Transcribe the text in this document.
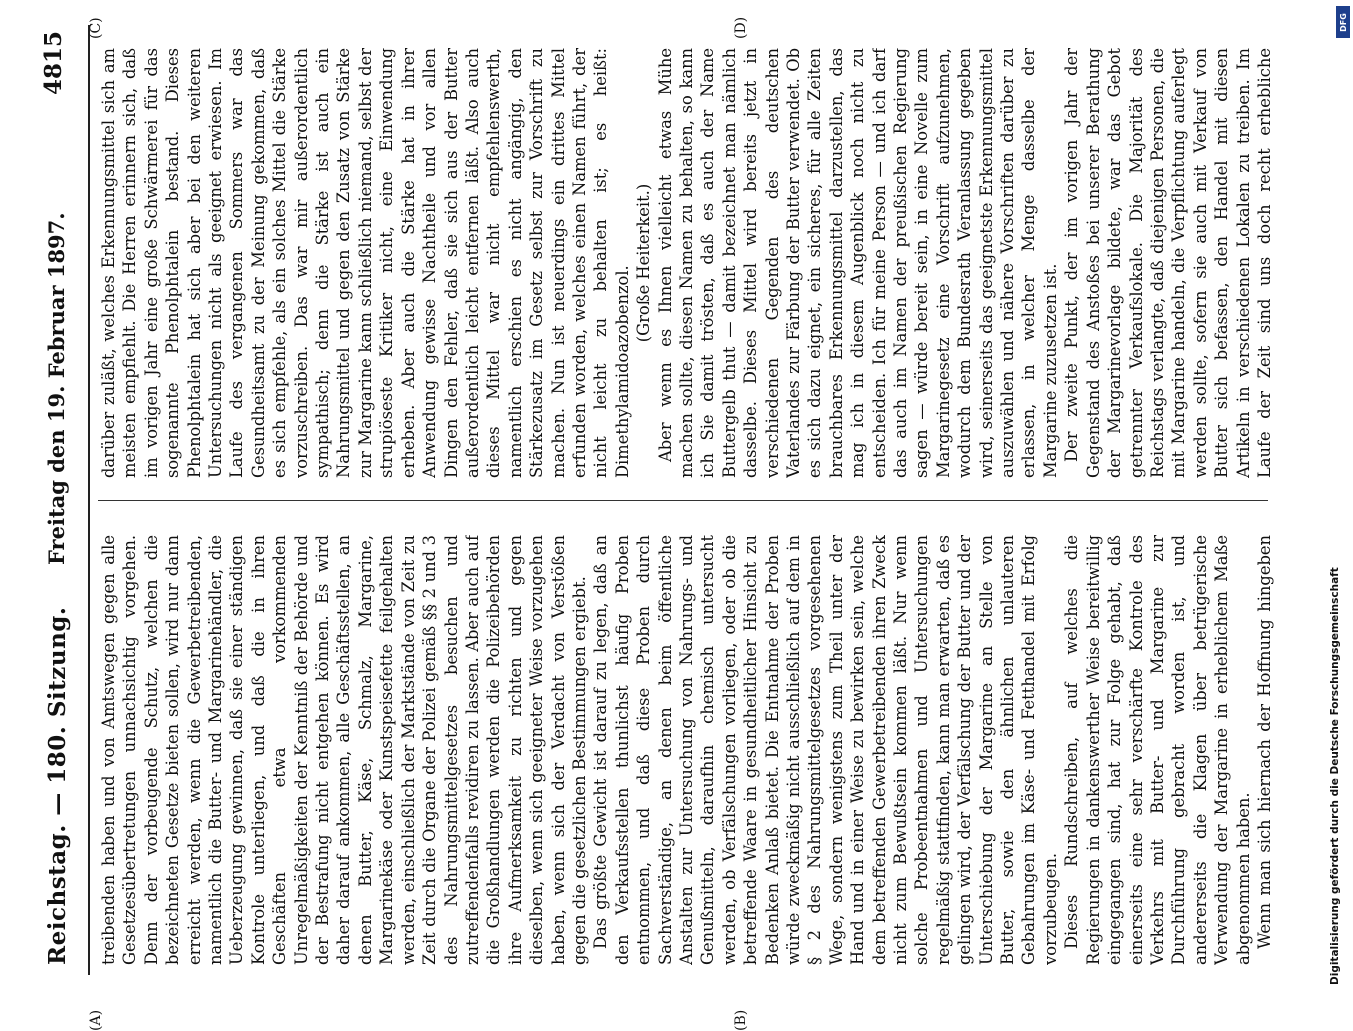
Reichstag. — 180. Sitzung.
Freitag den 19. Februar 1897.
4815
(A)	(B)
(C)	(D)

treibenden haben und von Amtswegen gegen alle Gesetzesübertretungen unnachsichtig vorgehen. Denn der vorbeugende Schutz, welchen die bezeichneten Gesetze bieten sollen, wird nur dann erreicht werden, wenn die Gewerbetreibenden, namentlich die Butter- und Margarinehändler, die Ueberzeugung gewinnen, daß sie einer ständigen Kontrole unterliegen, und daß die in ihren Geschäften etwa vorkommenden Unregelmäßigkeiten der Kenntniß der Behörde und der Bestrafung nicht entgehen können. Es wird daher darauf ankommen, alle Geschäftsstellen, an denen Butter, Käse, Schmalz, Margarine, Margarinekäse oder Kunstspeisefette feilgehalten werden, einschließlich der Marktstände von Zeit zu Zeit durch die Organe der Polizei gemäß §§ 2 und 3 des Nahrungsmittelgesetzes besuchen und zutreffendenfalls revidiren zu lassen. Aber auch auf die Großhandlungen werden die Polizeibehörden ihre Aufmerksamkeit zu richten und gegen dieselben, wenn sich geeigneter Weise vorzugehen haben, wenn sich der Verdacht von Verstößen gegen die gesetzlichen Bestimmungen ergiebt. Das größte Gewicht ist darauf zu legen, daß an den Verkaufsstellen thunlichst häufig Proben entnommen, und daß diese Proben durch Sachverständige, an denen beim öffentliche Anstalten zur Untersuchung von Nahrungs- und Genußmitteln, daraufhin chemisch untersucht werden, ob Verfälschungen vorliegen, oder ob die betreffende Waare in gesundheitlicher Hinsicht zu Bedenken Anlaß bietet. Die Entnahme der Proben würde zweckmäßig nicht ausschließlich auf dem in § 2 des Nahrungsmittelgesetzes vorgesehenen Wege, sondern wenigstens zum Theil unter der Hand und in einer Weise zu bewirken sein, welche dem betreffenden Gewerbetreibenden ihren Zweck nicht zum Bewußtsein kommen läßt. Nur wenn solche Probeentnahmen und Untersuchungen regelmäßig stattfinden, kann man erwarten, daß es gelingen wird, der Verfälschung der Butter und der Unterschiebung der Margarine an Stelle von Butter, sowie den ähnlichen unlauteren Gebahrungen im Käse- und Fetthandel mit Erfolg vorzubeugen. Dieses Rundschreiben, auf welches die Regierungen in dankenswerther Weise bereitwillig eingegangen sind, hat zur Folge gehabt, daß einerseits eine sehr verschärfte Kontrole des Verkehrs mit Butter- und Margarine zur Durchführung gebracht worden ist, und andererseits die Klagen über betrügerische Verwendung der Margarine in erheblichem Maße abgenommen haben. Wenn man sich hiernach der Hoffnung hingeben

darüber zuläßt, welches Erkennungsmittel sich am meisten empfiehlt. Die Herren erinnern sich, daß im vorigen Jahr eine große Schwärmerei für das sogenannte Phenolphtalein bestand. Dieses Phenolphtalein hat sich aber bei den weiteren Untersuchungen nicht als geeignet erwiesen. Im Laufe des vergangenen Sommers war das Gesundheitsamt zu der Meinung gekommen, daß es sich empfehle, als ein solches Mittel die Stärke vorzuschreiben. Das war mir außerordentlich sympathisch; denn die Stärke ist auch ein Nahrungsmittel und gegen den Zusatz von Stärke zur Margarine kann schließlich niemand, selbst der strupiöseste Kritiker nicht, eine Einwendung erheben. Aber auch die Stärke hat in ihrer Anwendung gewisse Nachtheile und vor allen Dingen den Fehler, daß sie sich aus der Butter außerordentlich leicht entfernen läßt. Also auch dieses Mittel war nicht empfehlenswerth, namentlich erschien es nicht angängig, den Stärkezusatz im Gesetz selbst zur Vorschrift zu machen. Nun ist neuerdings ein drittes Mittel erfunden worden, welches einen Namen führt, der nicht leicht zu behalten ist; es heißt: Dimethylamidoazobenzol.

(Große Heiterkeit.) Aber wenn es Ihnen vielleicht etwas Mühe machen sollte, diesen Namen zu behalten, so kann ich Sie damit trösten, daß es auch der Name Buttergelb thut — damit bezeichnet man nämlich dasselbe. Dieses Mittel wird bereits jetzt in verschiedenen Gegenden des deutschen Vaterlandes zur Färbung der Butter verwendet. Ob es sich dazu eignet, ein sicheres, für alle Zeiten brauchbares Erkennungsmittel darzustellen, das mag ich in diesem Augenblick noch nicht zu entscheiden. Ich für meine Person — und ich darf das auch im Namen der preußischen Regierung sagen — würde bereit sein, in eine Novelle zum Margarinegesetz eine Vorschrift aufzunehmen, wodurch dem Bundesrath Veranlassung gegeben wird, seinerseits das geeignetste Erkennungsmittel auszuwählen und nähere Vorschriften darüber zu erlassen, in welcher Menge dasselbe der Margarine zuzusetzen ist. Der zweite Punkt, der im vorigen Jahr der Gegenstand des Anstoßes bei unserer Berathung der Margarinevorlage bildete, war das Gebot getrennter Verkaufslokale. Die Majorität des Reichstags verlangte, daß diejenigen Personen, die mit Margarine handeln, die Verpflichtung auferlegt werden sollte, sofern sie auch mit Verkauf von Butter sich befassen, den Handel mit diesen Artikeln in verschiedenen Lokalen zu treiben. Im Laufe der Zeit sind uns doch recht erhebliche

DFG
Digitalisierung gefördert durch die Deutsche Forschungsgemeinschaft
